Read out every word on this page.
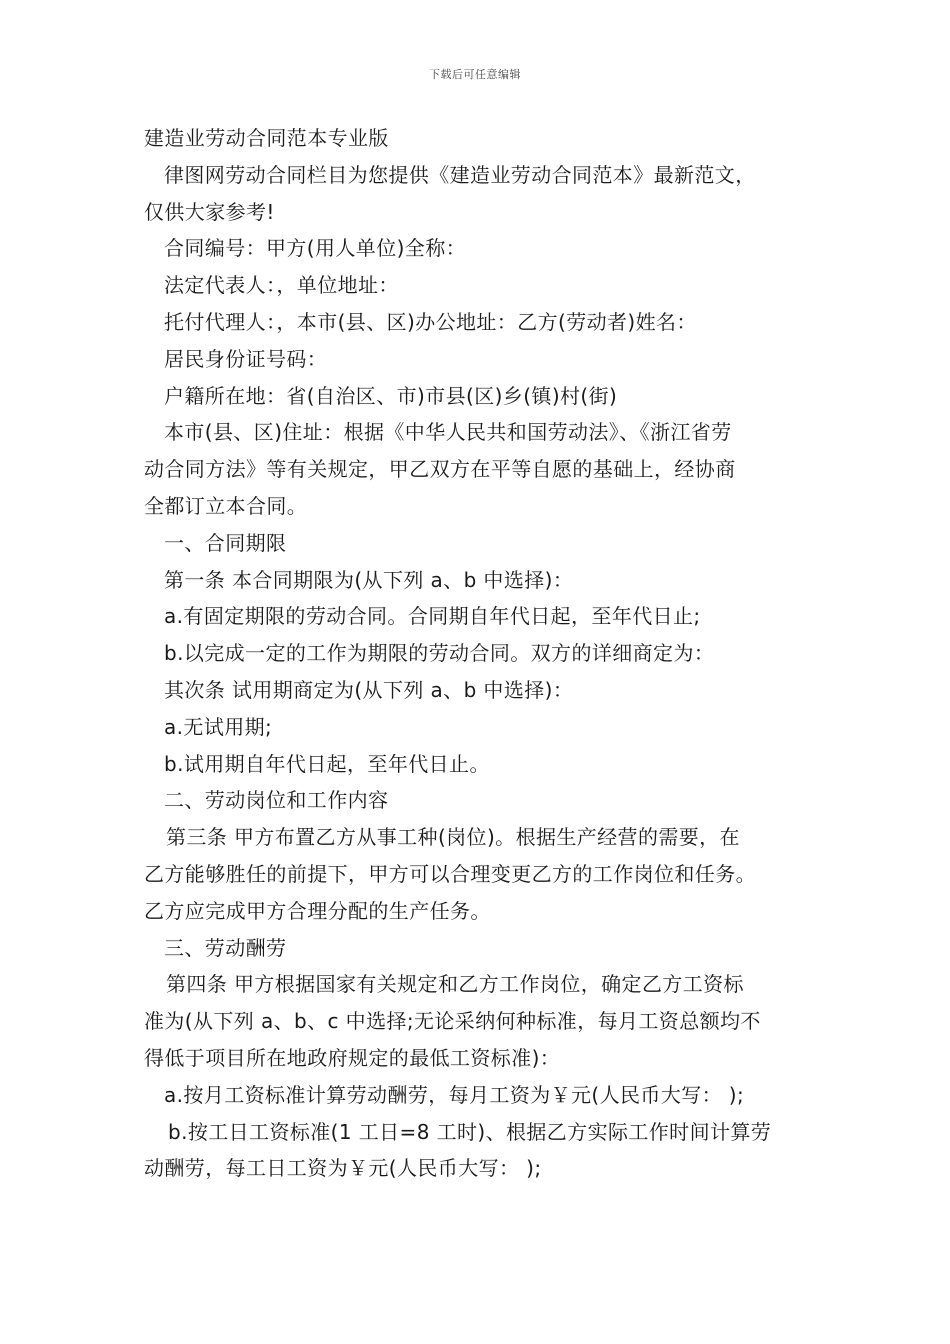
下载后可任意编辑
建造业劳动合同范本专业版
律图网劳动合同栏目为您提供《建造业劳动合同范本》最新范文，
仅供大家参考!
合同编号：甲方(用人单位)全称：
法定代表人：，单位地址：
托付代理人：，本市(县、区)办公地址：乙方(劳动者)姓名：
居民身份证号码：
户籍所在地：省(自治区、市)市县(区)乡(镇)村(街)
本市(县、区)住址：根据《中华人民共和国劳动法》、《浙江省劳
动合同方法》等有关规定，甲乙双方在平等自愿的基础上，经协商
全都订立本合同。
一、合同期限
第一条 本合同期限为(从下列 a、b 中选择)：
a.有固定期限的劳动合同。合同期自年代日起，至年代日止;
b.以完成一定的工作为期限的劳动合同。双方的详细商定为：
其次条 试用期商定为(从下列 a、b 中选择)：
a.无试用期;
b.试用期自年代日起，至年代日止。
二、劳动岗位和工作内容
第三条 甲方布置乙方从事工种(岗位)。根据生产经营的需要，在
乙方能够胜任的前提下，甲方可以合理变更乙方的工作岗位和任务。
乙方应完成甲方合理分配的生产任务。
三、劳动酬劳
第四条 甲方根据国家有关规定和乙方工作岗位，确定乙方工资标
准为(从下列 a、b、c 中选择;无论采纳何种标准，每月工资总额均不
得低于项目所在地政府规定的最低工资标准)：
a.按月工资标准计算劳动酬劳，每月工资为￥元(人民币大写： );
b.按工日工资标准(1 工日=8 工时)、根据乙方实际工作时间计算劳
动酬劳，每工日工资为￥元(人民币大写： );
